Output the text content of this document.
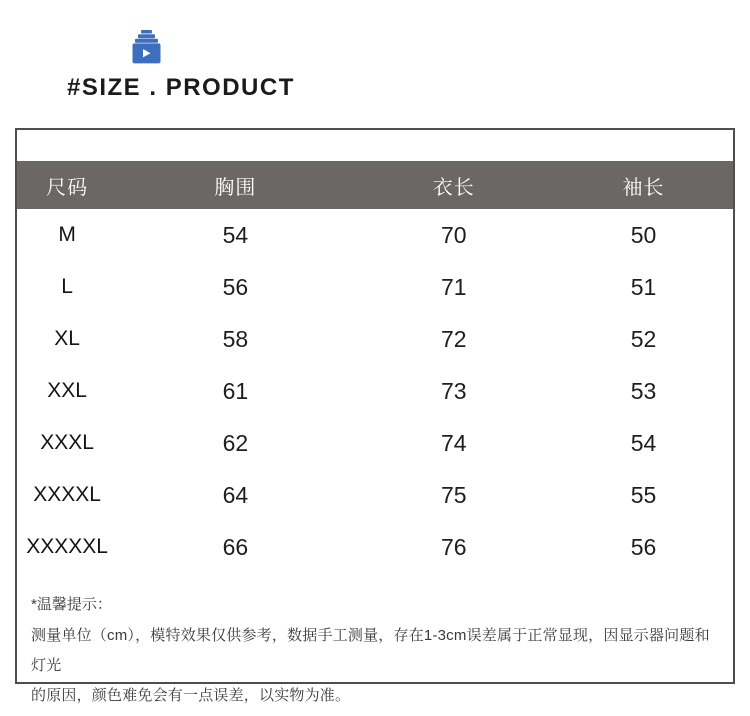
#SIZE . PRODUCT
尺码	胸围	衣长	袖长
M	54	70	50
L	56	71	51
XL	58	72	52
XXL	61	73	53
XXXL	62	74	54
XXXXL	64	75	55
XXXXXL	66	76	56

*温馨提示：

测量单位（cm），模特效果仅供参考，数据手工测量，存在1-3cm误差属于正常显现，因显示器问题和灯光

的原因，颜色难免会有一点误差，以实物为准。
